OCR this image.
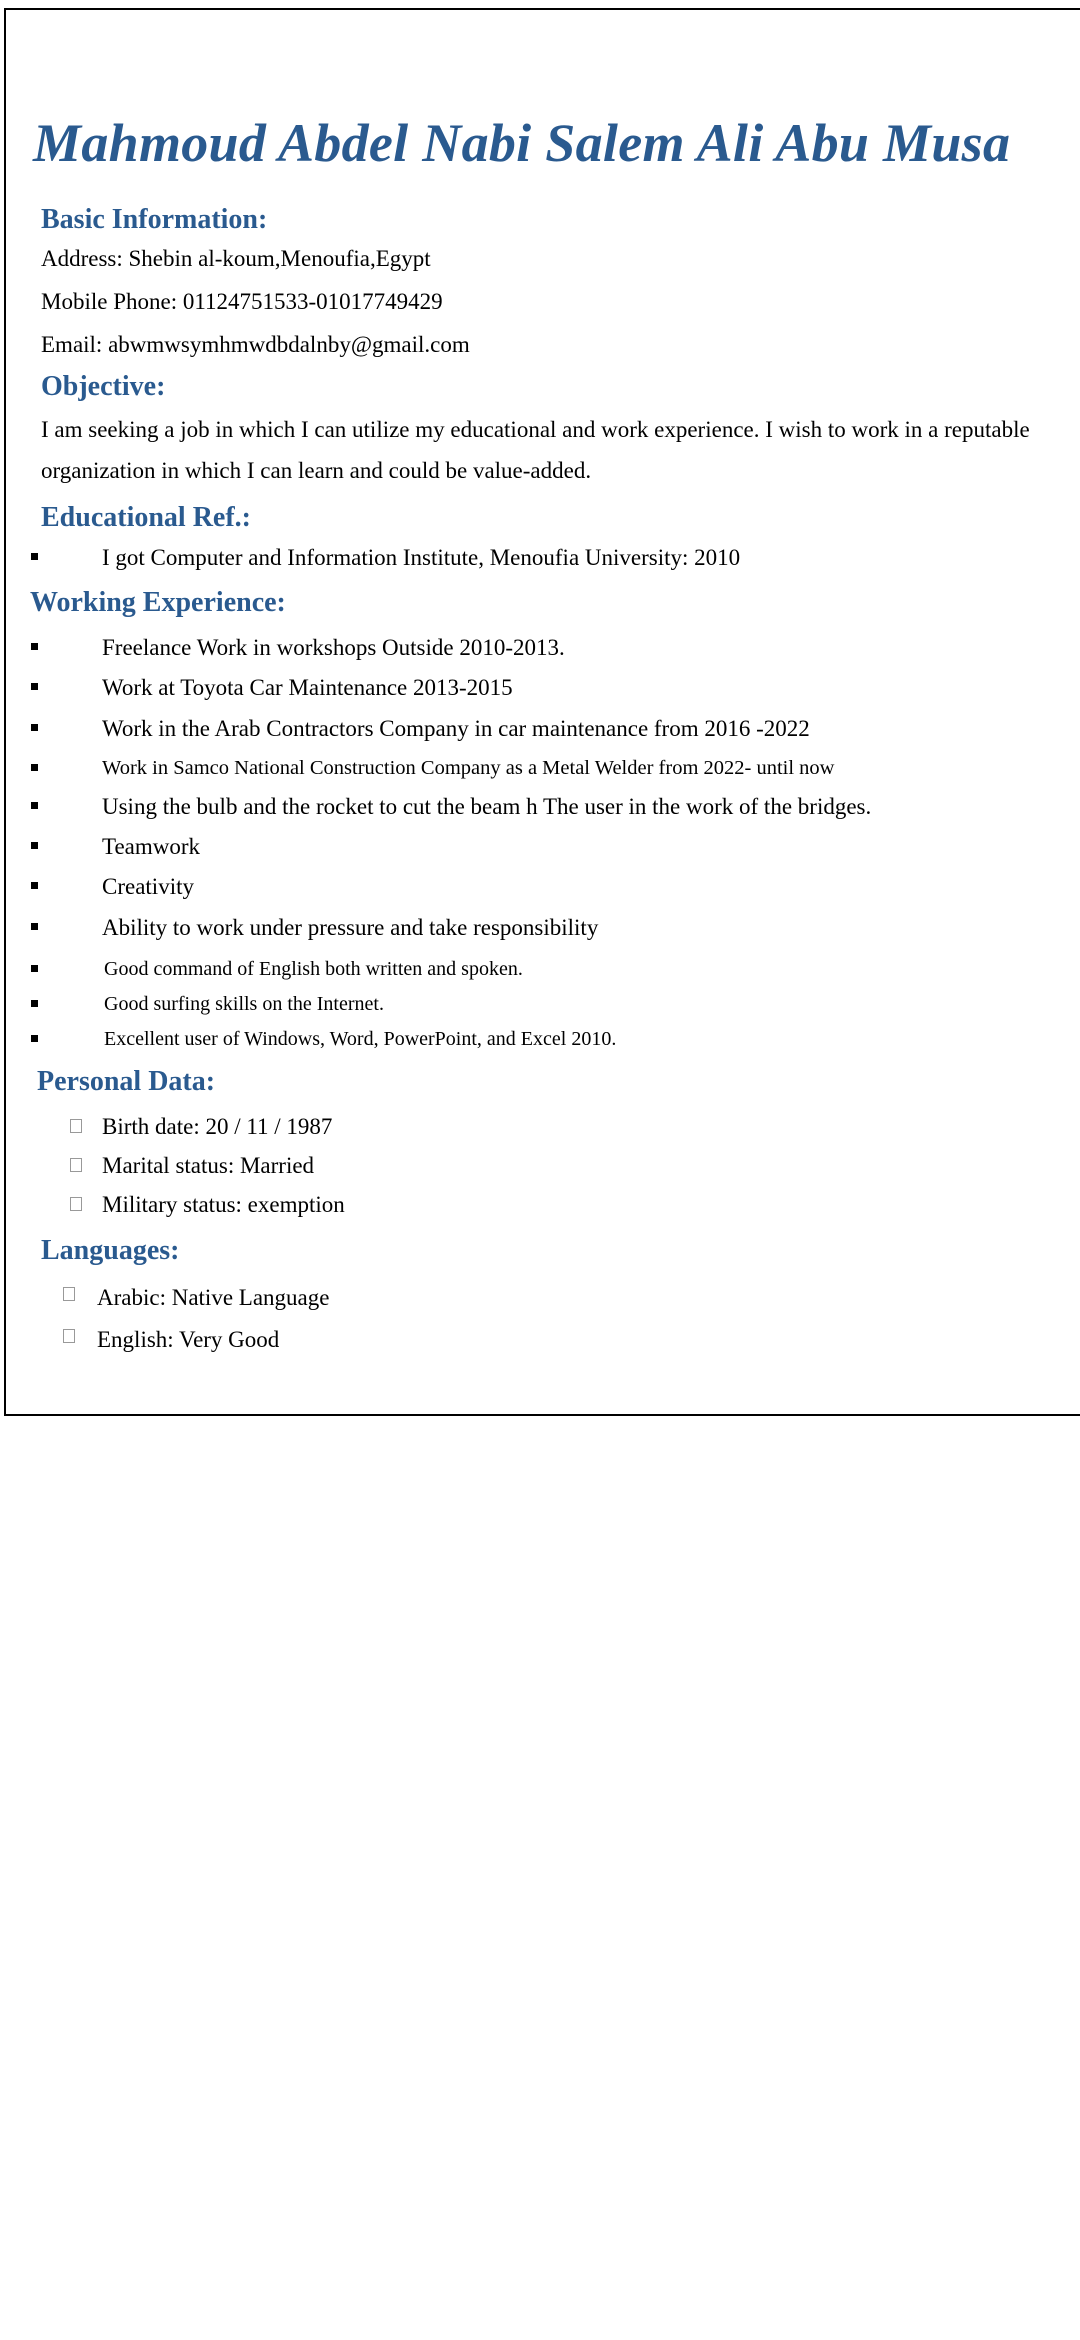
Mahmoud Abdel Nabi Salem Ali Abu Musa
Basic Information:
Address: Shebin al-koum,Menoufia,Egypt
Mobile Phone: 01124751533-01017749429
Email: abwmwsymhmwdbdalnby@gmail.com
Objective:
I am seeking a job in which I can utilize my educational and work experience. I wish to work in a reputable organization in which I can learn and could be value-added.
Educational Ref.:
I got Computer and Information Institute, Menoufia University: 2010
Working Experience:
Freelance Work in workshops Outside 2010-2013.
Work at Toyota Car Maintenance 2013-2015
Work in the Arab Contractors Company in car maintenance from 2016 -2022
Work in Samco National Construction Company as a Metal Welder from 2022- until now
Using the bulb and the rocket to cut the beam h The user in the work of the bridges.
Teamwork
Creativity
Ability to work under pressure and take responsibility
Good command of English both written and spoken.
Good surfing skills on the Internet.
Excellent user of Windows, Word, PowerPoint, and Excel 2010.
Personal Data:
Birth date: 20 / 11 / 1987
Marital status: Married
Military status: exemption
Languages:
Arabic: Native Language
English: Very Good
